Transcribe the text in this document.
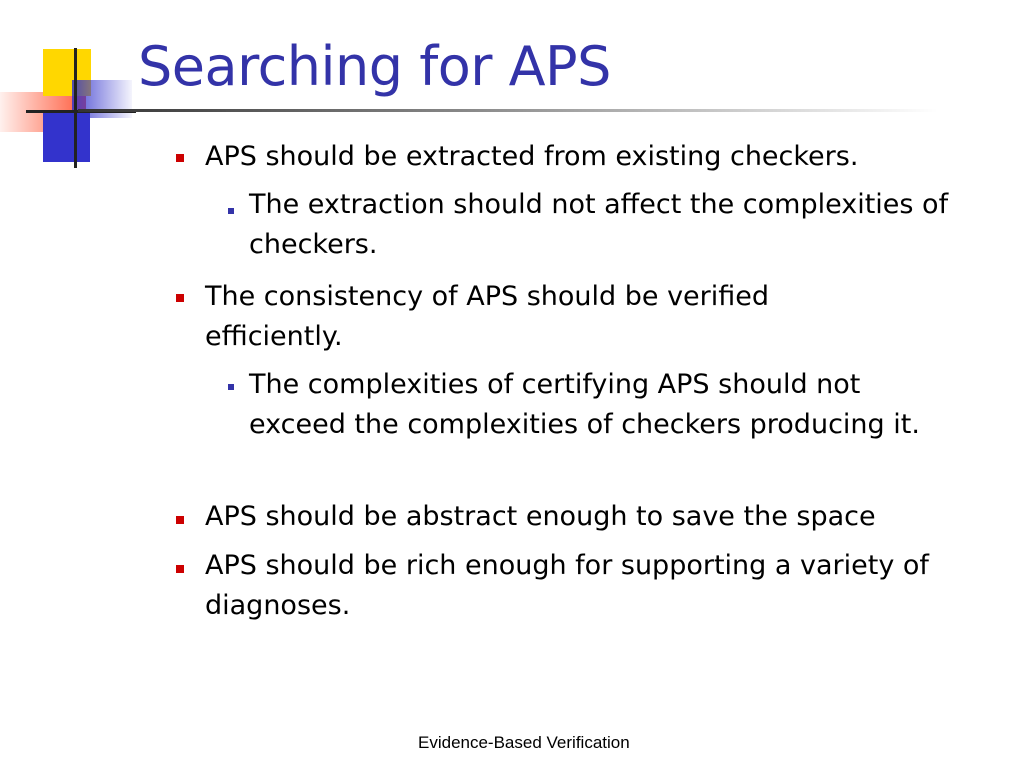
Searching for APS
APS should be extracted from existing checkers.
The extraction should not affect the complexities of checkers.
The consistency of APS should be verified efficiently.
The complexities of certifying APS should not exceed the complexities of checkers producing it.
APS should be abstract enough to save the space
APS should be rich enough for supporting a variety of diagnoses.
Evidence-Based Verification
